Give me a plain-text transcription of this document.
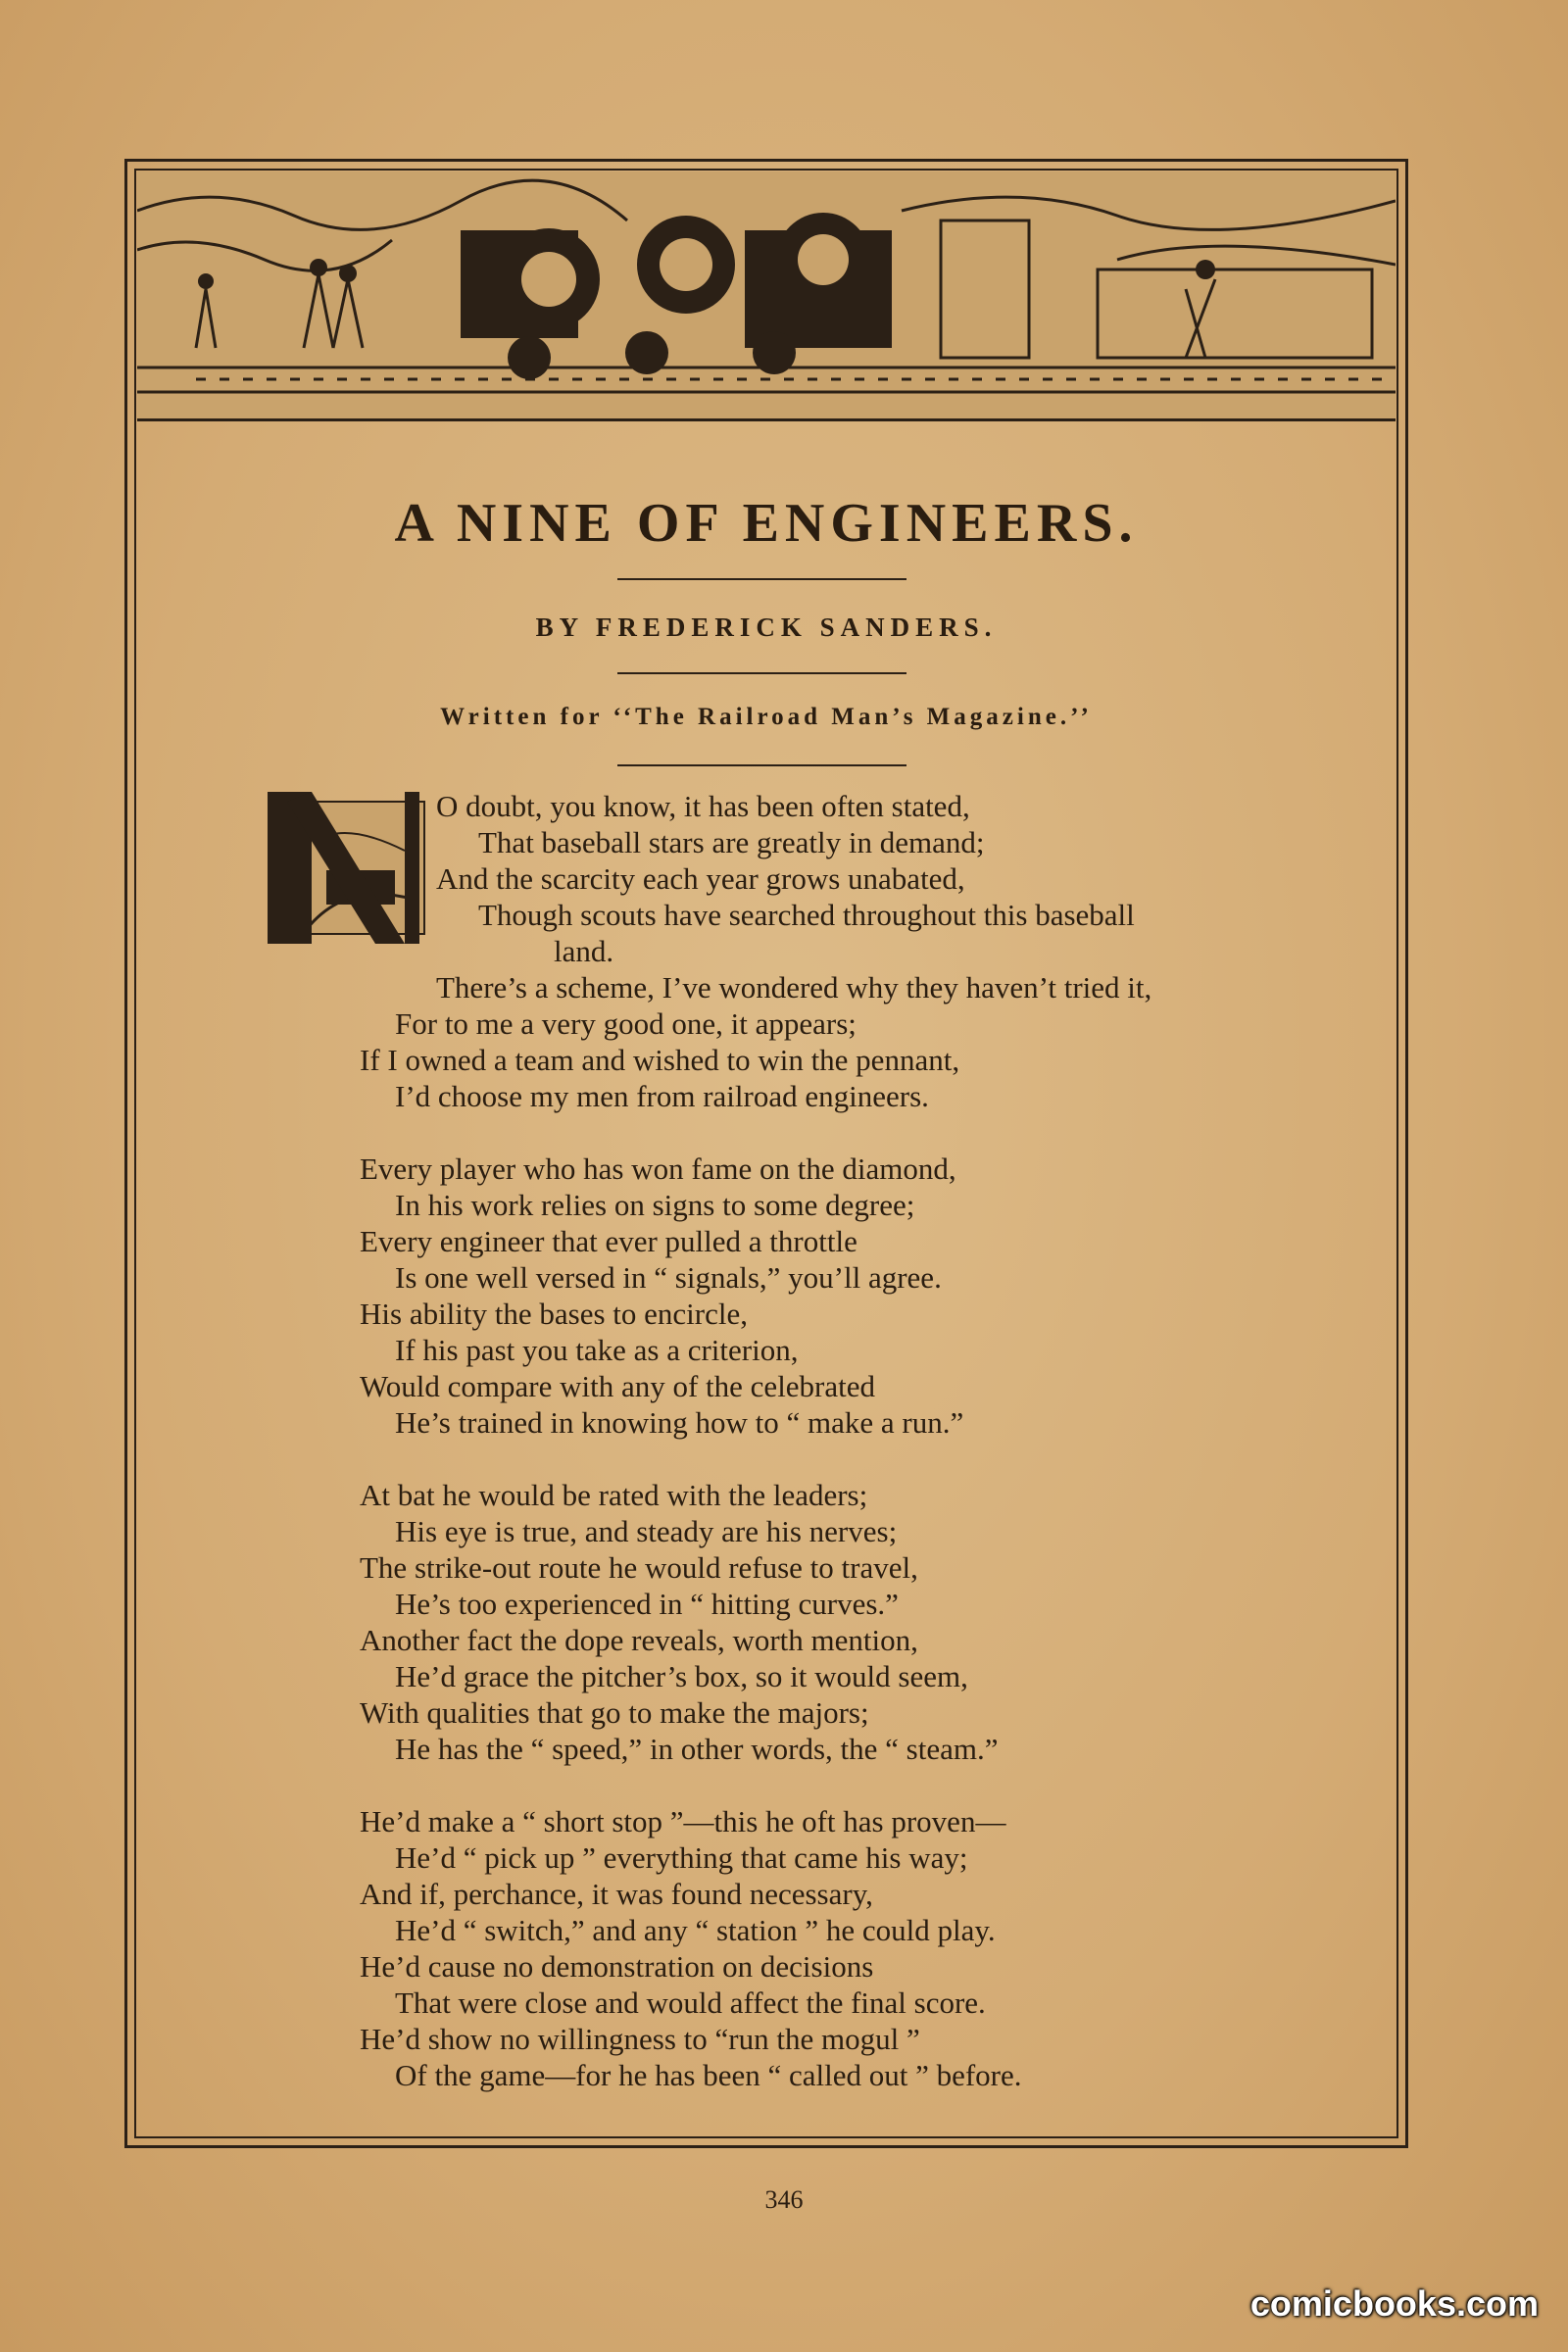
A NINE OF ENGINEERS.
BY FREDERICK SANDERS.
Written for ‘‘The Railroad Man’s Magazine.’’
O doubt, you know, it has been often stated,
That baseball stars are greatly in demand;
And the scarcity each year grows unabated,
Though scouts have searched throughout this baseball
land.
There’s a scheme, I’ve wondered why they haven’t tried it,
For to me a very good one, it appears;
If I owned a team and wished to win the pennant,
I’d choose my men from railroad engineers.
Every player who has won fame on the diamond,
In his work relies on signs to some degree;
Every engineer that ever pulled a throttle
Is one well versed in “ signals,” you’ll agree.
His ability the bases to encircle,
If his past you take as a criterion,
Would compare with any of the celebrated
He’s trained in knowing how to “ make a run.”
At bat he would be rated with the leaders;
His eye is true, and steady are his nerves;
The strike-out route he would refuse to travel,
He’s too experienced in “ hitting curves.”
Another fact the dope reveals, worth mention,
He’d grace the pitcher’s box, so it would seem,
With qualities that go to make the majors;
He has the “ speed,” in other words, the “ steam.”
He’d make a “ short stop ”—this he oft has proven—
He’d “ pick up ” everything that came his way;
And if, perchance, it was found necessary,
He’d “ switch,” and any “ station ” he could play.
He’d cause no demonstration on decisions
That were close and would affect the final score.
He’d show no willingness to “run the mogul ”
Of the game—for he has been “ called out ” before.
346
comicbooks.com
